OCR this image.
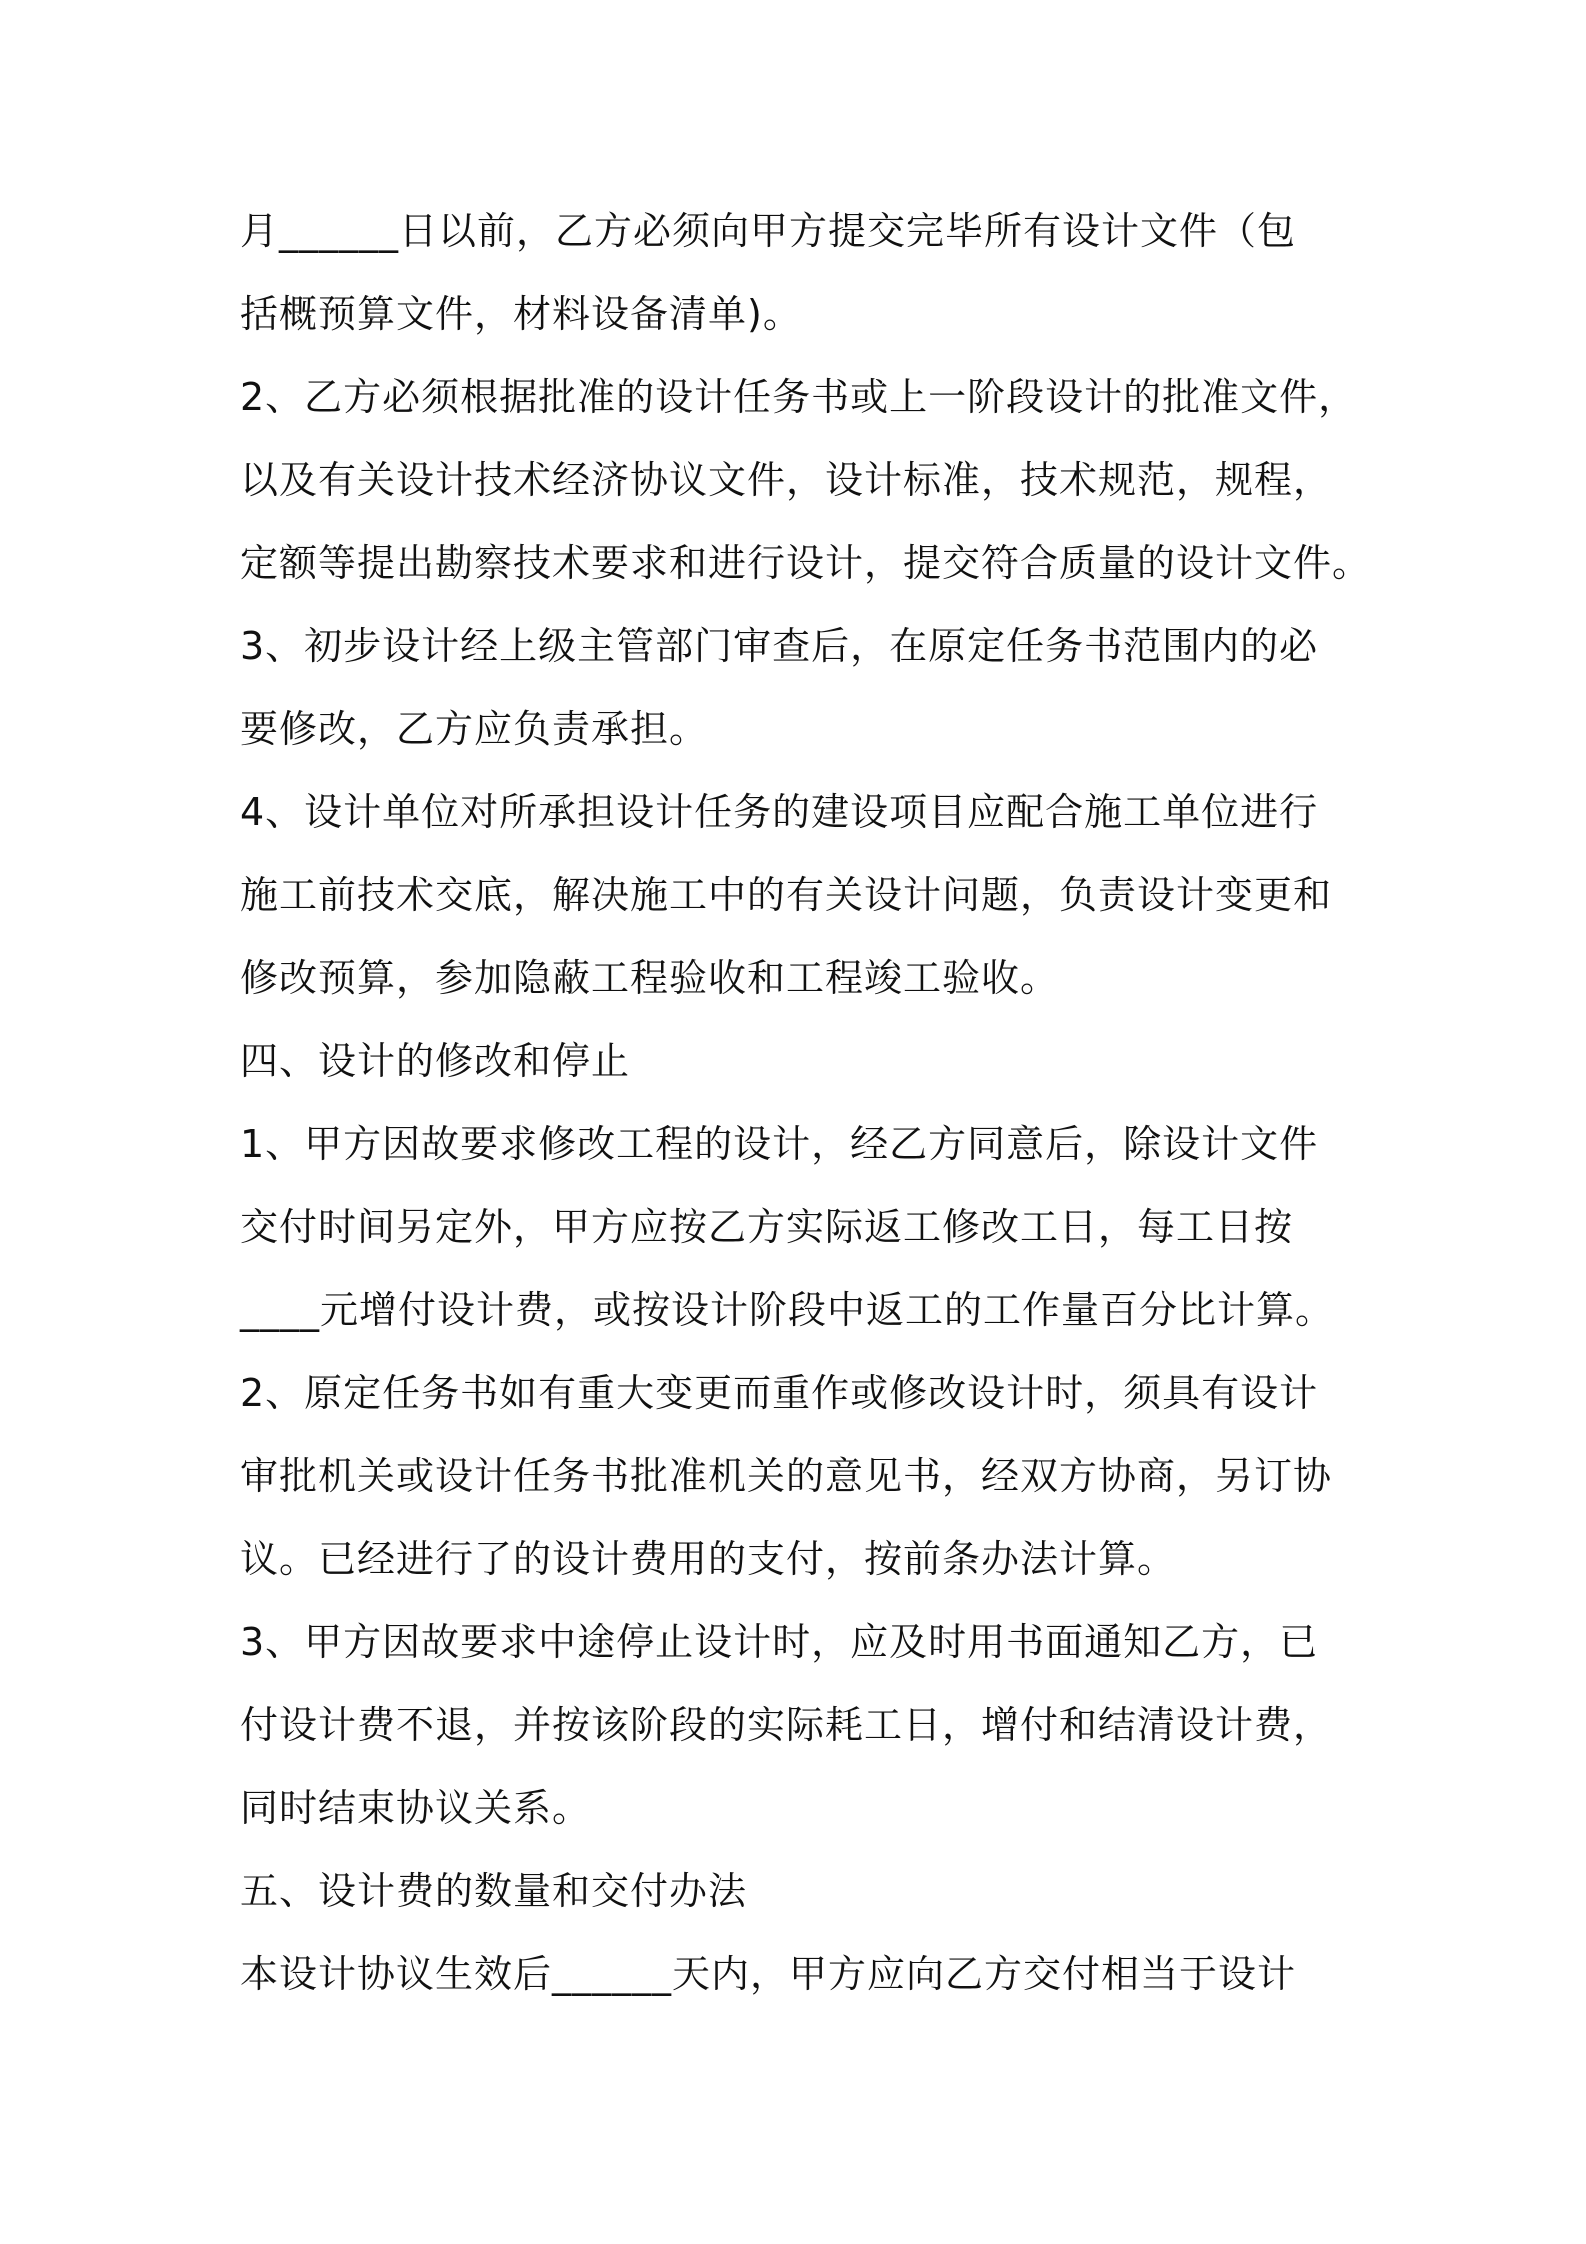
月______日以前，乙方必须向甲方提交完毕所有设计文件（包
括概预算文件，材料设备清单)。
2、乙方必须根据批准的设计任务书或上一阶段设计的批准文件，
以及有关设计技术经济协议文件，设计标准，技术规范，规程，
定额等提出勘察技术要求和进行设计，提交符合质量的设计文件。
3、初步设计经上级主管部门审查后，在原定任务书范围内的必
要修改，乙方应负责承担。
4、设计单位对所承担设计任务的建设项目应配合施工单位进行
施工前技术交底，解决施工中的有关设计问题，负责设计变更和
修改预算，参加隐蔽工程验收和工程竣工验收。
四、设计的修改和停止
1、甲方因故要求修改工程的设计，经乙方同意后，除设计文件
交付时间另定外，甲方应按乙方实际返工修改工日，每工日按
____元增付设计费，或按设计阶段中返工的工作量百分比计算。
2、原定任务书如有重大变更而重作或修改设计时，须具有设计
审批机关或设计任务书批准机关的意见书，经双方协商，另订协
议。已经进行了的设计费用的支付，按前条办法计算。
3、甲方因故要求中途停止设计时，应及时用书面通知乙方，已
付设计费不退，并按该阶段的实际耗工日，增付和结清设计费，
同时结束协议关系。
五、设计费的数量和交付办法
本设计协议生效后______天内，甲方应向乙方交付相当于设计
